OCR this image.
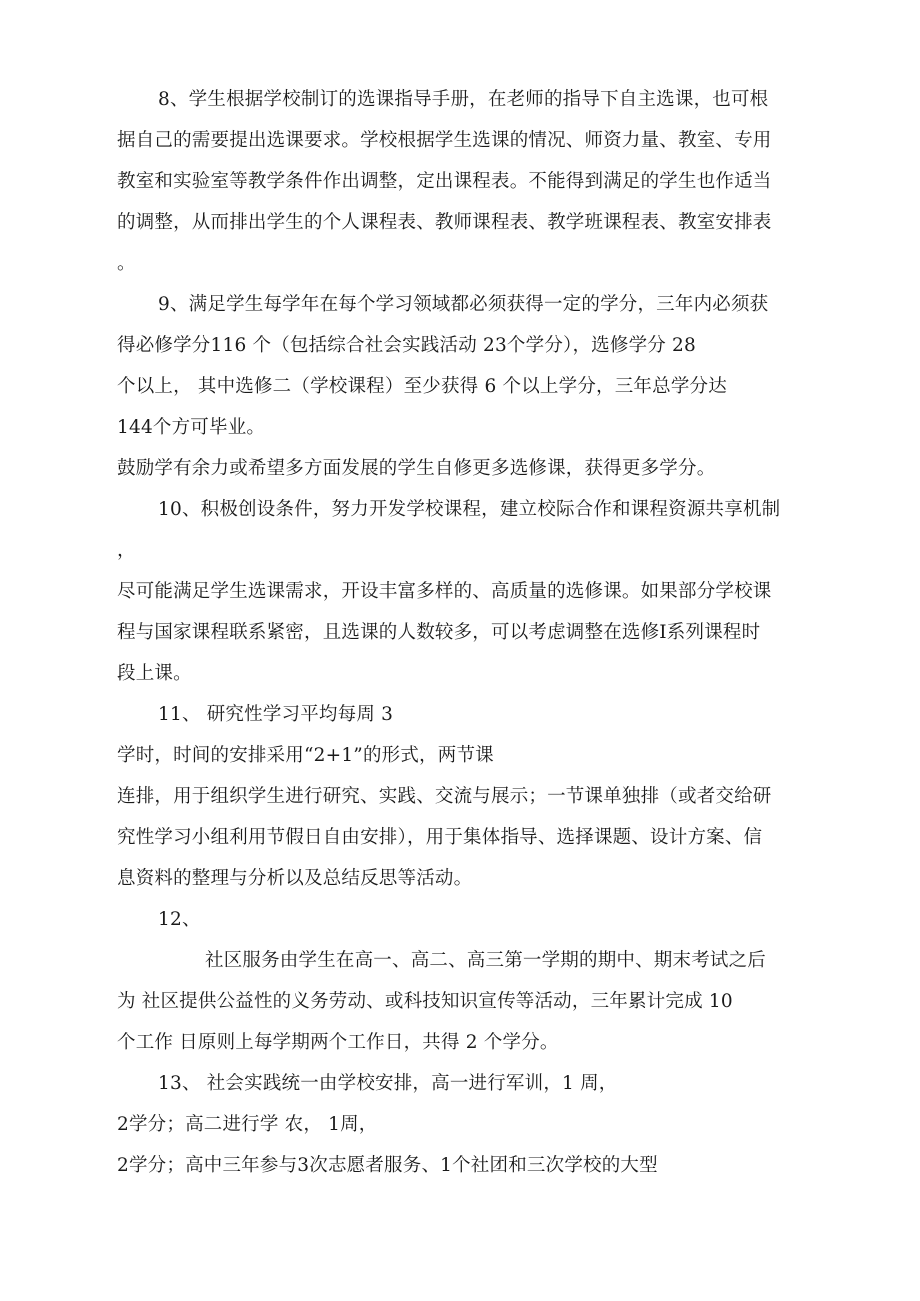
8、学生根据学校制订的选课指导手册，在老师的指导下自主选课，也可根
据自己的需要提出选课要求。学校根据学生选课的情况、师资力量、教室、专用
教室和实验室等教学条件作出调整，定出课程表。不能得到满足的学生也作适当
的调整，从而排出学生的个人课程表、教师课程表、教学班课程表、教室安排表
。
9、满足学生每学年在每个学习领域都必须获得一定的学分，三年内必须获
得必修学分116 个（包括综合社会实践活动 23个学分），选修学分 28
个以上， 其中选修二（学校课程）至少获得 6 个以上学分，三年总学分达
144个方可毕业。
鼓励学有余力或希望多方面发展的学生自修更多选修课，获得更多学分。
10、积极创设条件，努力开发学校课程，建立校际合作和课程资源共享机制
，
尽可能满足学生选课需求，开设丰富多样的、高质量的选修课。如果部分学校课
程与国家课程联系紧密，且选课的人数较多，可以考虑调整在选修I系列课程时
段上课。
11、 研究性学习平均每周 3
学时，时间的安排采用“2+1”的形式，两节课
连排，用于组织学生进行研究、实践、交流与展示；一节课单独排（或者交给研
究性学习小组利用节假日自由安排），用于集体指导、选择课题、设计方案、信
息资料的整理与分析以及总结反思等活动。
12、
社区服务由学生在高一、高二、高三第一学期的期中、期末考试之后
为 社区提供公益性的义务劳动、或科技知识宣传等活动，三年累计完成 10
个工作 日原则上每学期两个工作日，共得 2 个学分。
13、 社会实践统一由学校安排，高一进行军训，1 周，
2学分；高二进行学 农， 1周，
2学分；高中三年参与3次志愿者服务、1个社团和三次学校的大型
